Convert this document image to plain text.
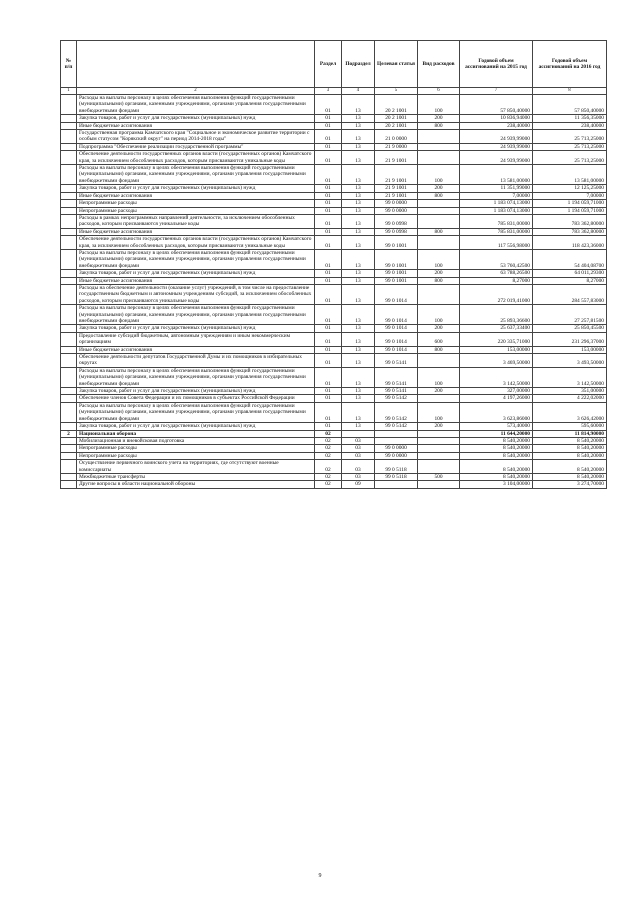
№ п/п		Раздел	Подраздел	Целевая статья	Вид расходов	Годовой объем ассигнований на 2015 год	Годовой объем ассигнований на 2016 год
1	2	3	4	5	6	7	8
	Расходы на выплаты персоналу в целях обеспечения выполнения функций государственными (муниципальными) органами, казенными учреждениями, органами управления государственными внебюджетными фондами	01	13	20 2 1001	100	57 850,40000	57 850,40000
	Закупка товаров, работ и услуг для государственных (муниципальных) нужд	01	13	20 2 1001	200	10 836,94000	11 356,35000
	Иные бюджетные ассигнования	01	13	20 2 1001	800	238,40000	238,40000
	Государственная программа Камчатского края "Социальное и экономическое развитие территории с особым статусом "Корякский округ" на период 2014-2018 годы"	01	13	21 0 0000		24 939,99000	25 713,25000
	Подпрограмма "Обеспечение реализации государственной программы"	01	13	21 9 0000		24 939,99000	25 713,25000
	Обеспечение деятельности государственных органов власти (государственных органов) Камчатского края, за исключением обособленных расходов, которым присваиваются уникальные коды	01	13	21 9 1001		24 939,99000	25 713,25000
	Расходы на выплаты персоналу в целях обеспечения выполнения функций государственными (муниципальными) органами, казенными учреждениями, органами управления государственными внебюджетными фондами	01	13	21 9 1001	100	13 581,00000	13 581,00000
	Закупка товаров, работ и услуг для государственных (муниципальных) нужд	01	13	21 9 1001	200	11 351,99000	12 125,25000
	Иные бюджетные ассигнования	01	13	21 9 1001	800	7,00000	7,00000
	Непрограммные расходы	01	13	99 0 0000		1 183 074,13000	1 194 059,71000
	Непрограммные расходы	01	13	99 0 0000		1 183 074,13000	1 194 059,71000
	Расходы в рамках непрограммных направлений деятельности, за исключением обособленных расходов, которым присваиваются уникальные коды	01	13	99 0 0998		785 831,00000	783 362,80000
	Иные бюджетные ассигнования	01	13	99 0 0998	800	785 831,00000	783 362,80000
	Обеспечение деятельности государственных органов власти (государственных органов) Камчатского края, за исключением обособленных расходов, которым присваиваются уникальные коды	01	13	99 0 1001		117 556,98000	118 423,36000
	Расходы на выплаты персоналу в целях обеспечения выполнения функций государственными (муниципальными) органами, казенными учреждениями, органами управления государственными внебюджетными фондами	01	13	99 0 1001	100	53 760,42500	54 404,08700
	Закупка товаров, работ и услуг для государственных (муниципальных) нужд	01	13	99 0 1001	200	63 788,26500	64 011,29300
	Иные бюджетные ассигнования	01	13	99 0 1001	800	8,27000	8,27000
	Расходы на обеспечение деятельности (оказание услуг) учреждений, в том числе на предоставление государственным бюджетным и автономным учреждениям субсидий, за исключением обособленных расходов, которым присваиваются уникальные коды	01	13	99 0 1014		272 019,41000	284 557,83000
	Расходы на выплаты персоналу в целях обеспечения выполнения функций государственными (муниципальными) органами, казенными учреждениями, органами управления государственными внебюджетными фондами	01	13	99 0 1014	100	25 893,36600	27 257,81500
	Закупка товаров, работ и услуг для государственных (муниципальных) нужд	01	13	99 0 1014	200	25 637,33400	25 850,45500
	Предоставление субсидий бюджетным, автономным учреждениям и иным некоммерческим организациям	01	13	99 0 1014	600	220 335,71000	231 296,37000
	Иные бюджетные ассигнования	01	13	99 0 1014	800	153,00000	153,00000
	Обеспечение деятельности депутатов Государственной Думы и их помощников в избирательных округах	01	13	99 0 5141		3 469,50000	3 493,50000
	Расходы на выплаты персоналу в целях обеспечения выполнения функций государственными (муниципальными) органами, казенными учреждениями, органами управления государственными внебюджетными фондами	01	13	99 0 5141	100	3 142,50000	3 142,50000
	Закупка товаров, работ и услуг для государственных (муниципальных) нужд	01	13	99 0 5141	200	327,00000	351,00000
	Обеспечение членов Совета Федерации и их помощников в субъектах Российской Федерации	01	13	99 0 5142		4 197,26000	4 222,02000
	Расходы на выплаты персоналу в целях обеспечения выполнения функций государственными (муниципальными) органами, казенными учреждениями, органами управления государственными внебюджетными фондами	01	13	99 0 5142	100	3 623,86000	3 626,42000
	Закупка товаров, работ и услуг для государственных (муниципальных) нужд	01	13	99 0 5142	200	573,40000	595,60000
2	Национальная оборона	02				11 644,20000	11 814,90000
	Мобилизационная и вневойсковая подготовка	02	03			8 540,20000	8 540,20000
	Непрограммные расходы	02	03	99 0 0000		8 540,20000	8 540,20000
	Непрограммные расходы	02	03	99 0 0000		8 540,20000	8 540,20000
	Осуществление первичного воинского учета на территориях, где отсутствуют военные комиссариаты	02	03	99 0 5118		8 540,20000	8 540,20000
	Межбюджетные трансферты	02	03	99 0 5118	500	8 540,20000	8 540,20000
	Другие вопросы в области национальной обороны	02	09			3 104,00000	3 274,70000
9
